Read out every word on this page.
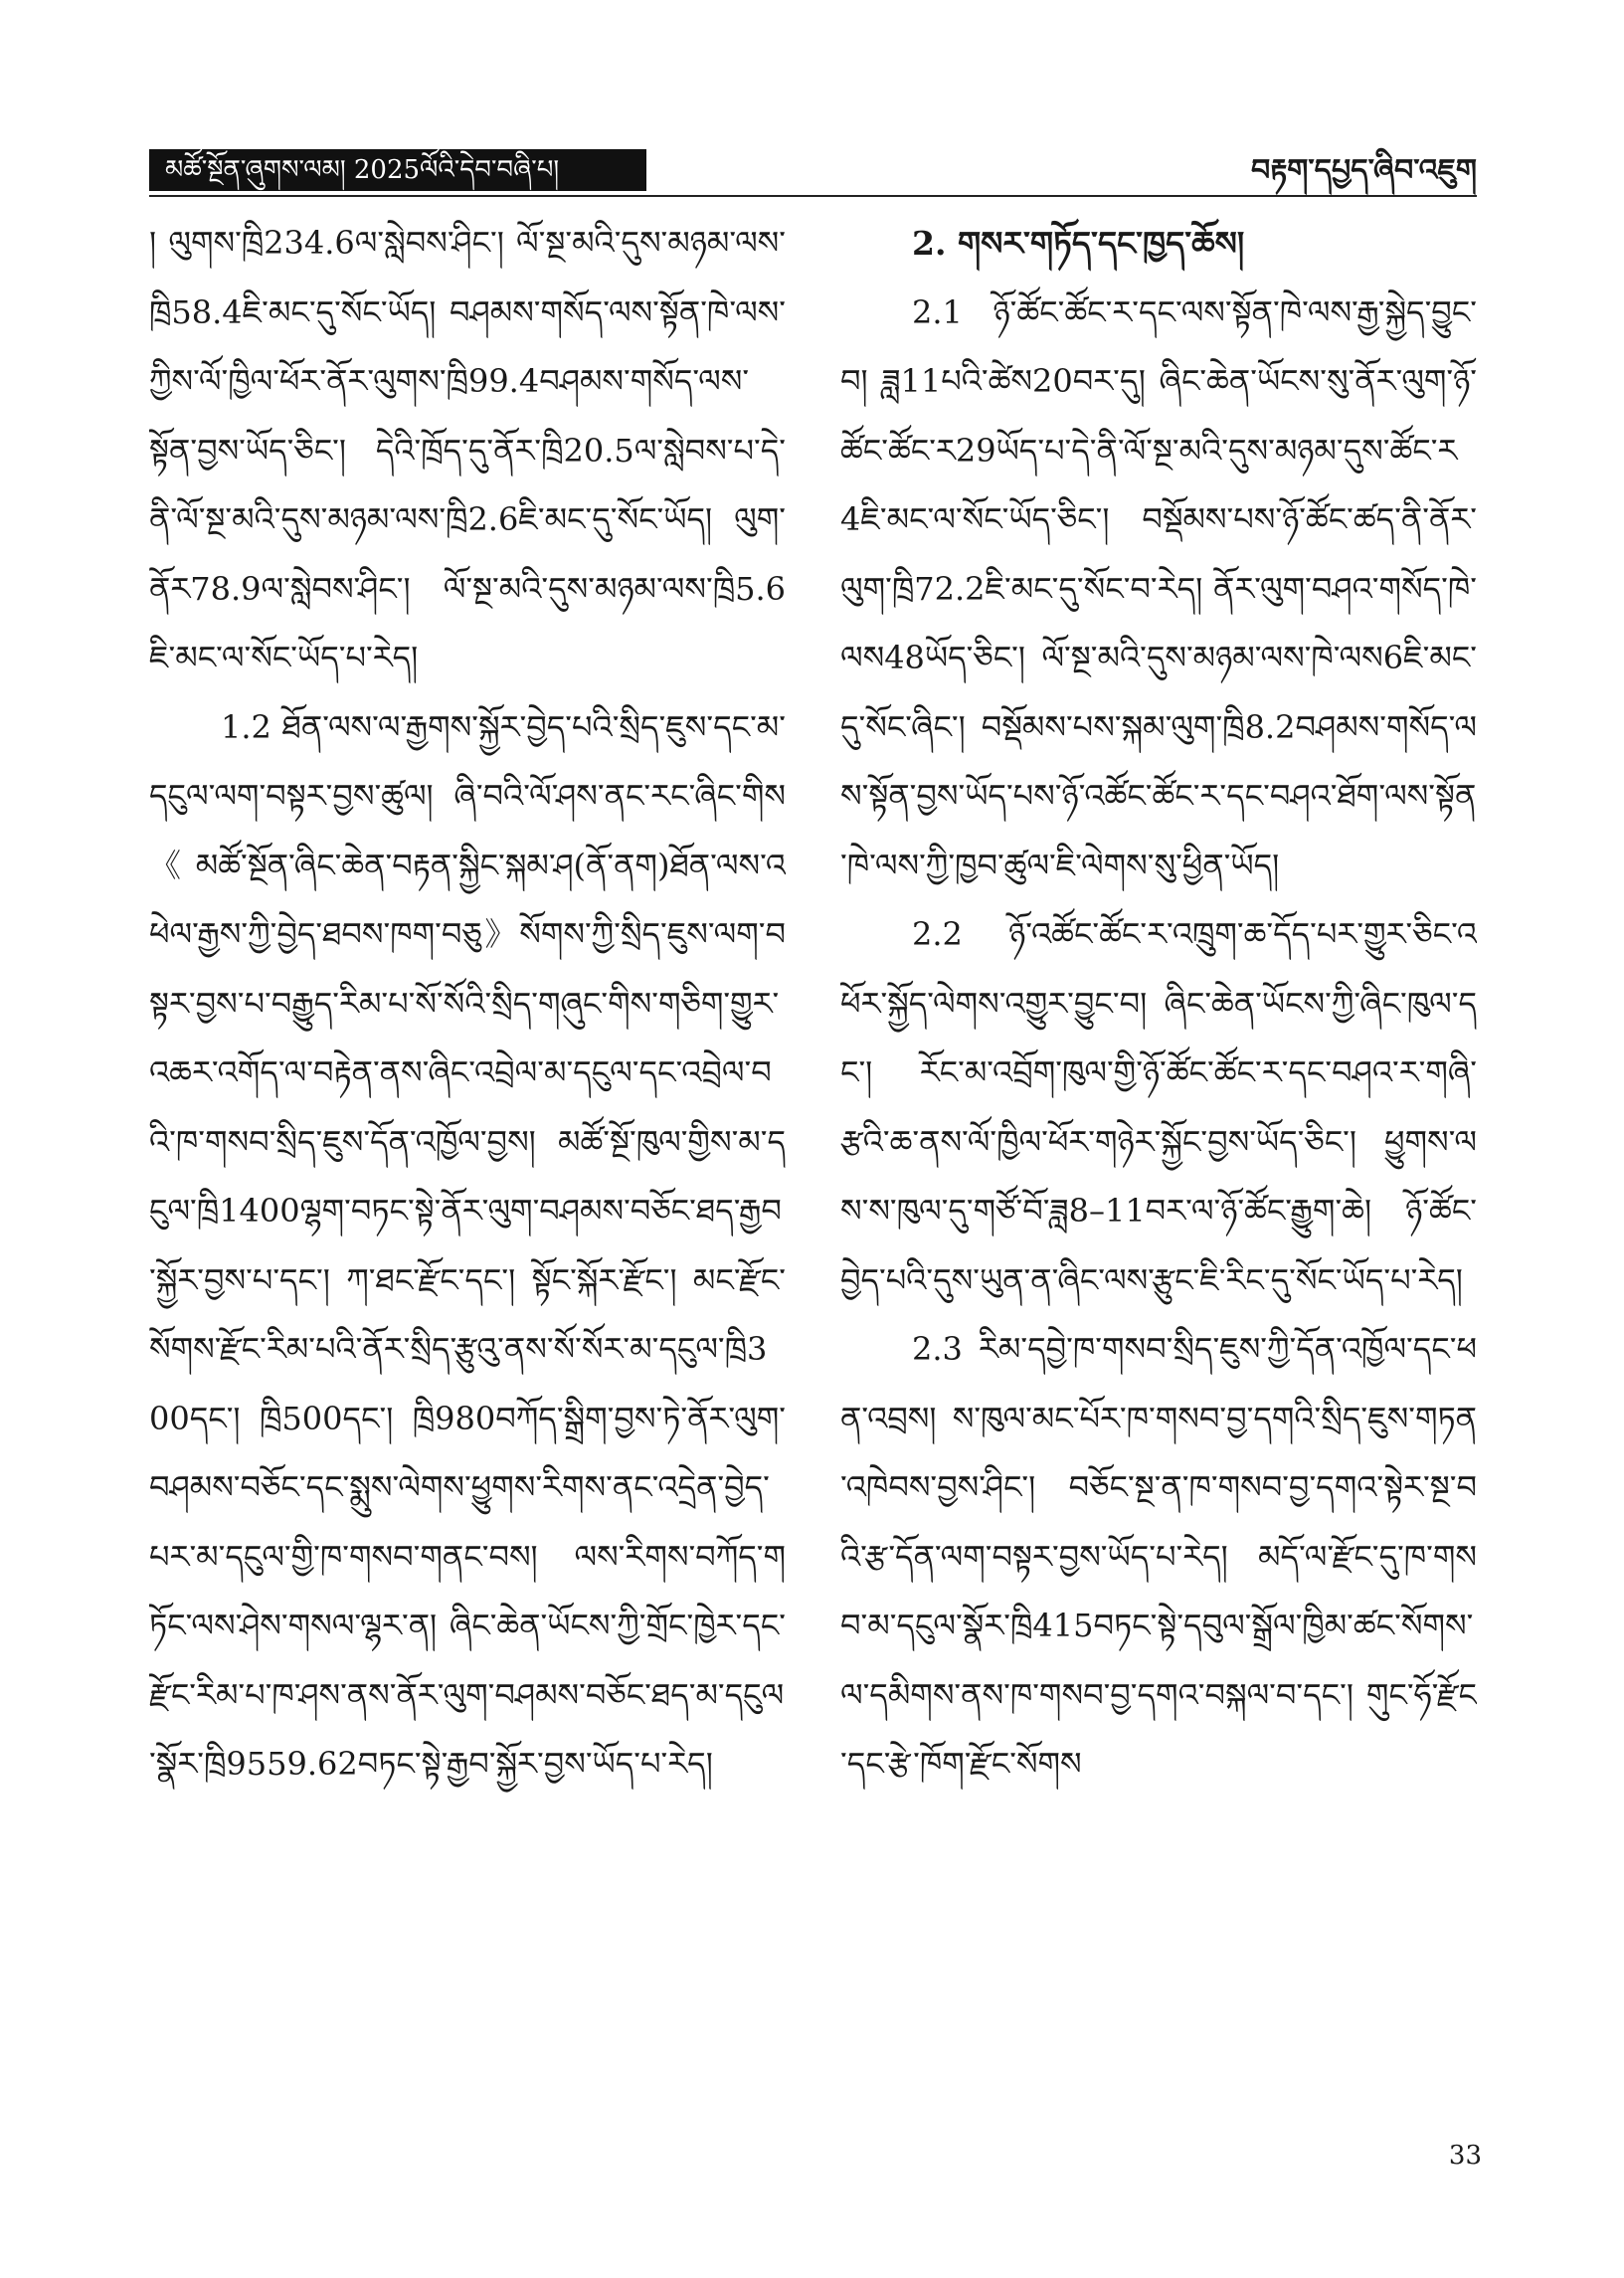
མཚོ་སྔོན་ཞུགས་ལམ། 2025ལོའི་དེབ་བཞི་པ།	བརྟག་དཔྱད་ཞིབ་འཇུག

། ལུགས་ཁྲི234.6ལ་སླེབས་ཤིང་། ལོ་སྔ་མའི་དུས་མཉམ་ལས་ཁྲི58.4ཇི་མང་དུ་སོང་ཡོད། བཤམས་གསོད་ལས་སྟོན་ཁེ་ལས་ཀྱིས་ལོ་ཁྱིལ་ཕོར་ནོར་ལུགས་ཁྲི99.4བཤམས་གསོད་ལས་སྟོན་བྱས་ཡོད་ཅིང་། དེའི་ཁྲོད་དུ་ནོར་ཁྲི20.5ལ་སླེབས་པ་དེ་ནི་ལོ་སྔ་མའི་དུས་མཉམ་ལས་ཁྲི2.6ཇི་མང་དུ་སོང་ཡོད། ལུག་ནོར78.9ལ་སླེབས་ཤིང་། ལོ་སྔ་མའི་དུས་མཉམ་ལས་ཁྲི5.6ཇི་མང་ལ་སོང་ཡོད་པ་རེད།

1.2 ཐོན་ལས་ལ་རྒྱགས་སྐྱོར་བྱེད་པའི་སྲིད་ཇུས་དང་མ་དངུལ་ལག་བསྟར་བྱས་ཚུལ། ཞི་བའི་ལོ་ཤས་ནང་རང་ཞིང་གིས《མཚོ་སྔོན་ཞིང་ཆེན་བརྟན་སྐྱིང་སྐམ་ཤ(ནོ་ནག)ཐོན་ལས་འཕེལ་རྒྱས་ཀྱི་བྱེད་ཐབས་ཁག་བཅུ》སོགས་ཀྱི་སྲིད་ཇུས་ལག་བསྟར་བྱས་པ་བརྒྱུད་རིམ་པ་སོ་སོའི་སྲིད་གཞུང་གིས་གཅིག་གྱུར་འཆར་འགོད་ལ་བརྟེན་ནས་ཞིང་འབྲེལ་མ་དངུལ་དང་འབྲེལ་བའི་ཁ་གསབ་སྲིད་ཇུས་དོན་འཁྱོལ་བྱས། མཚོ་སྔོ་ཁུལ་གྱིས་མ་དངུལ་ཁྲི1400ལྷག་བཏང་སྟེ་ནོར་ལུག་བཤམས་བཅོང་ཐད་རྒྱབ་སྐྱོར་བྱས་པ་དང་། ཀ་ཐང་རྫོང་དང་། སྟོང་སྐོར་རྫོང་། མང་རྫོང་སོགས་རྫོང་རིམ་པའི་ནོར་སྲིད་རྩུའུ་ནས་སོ་སོར་མ་དངུལ་ཁྲི300དང་། ཁྲི500དང་། ཁྲི980བཀོད་སྒྲིག་བྱས་ཏེ་ནོར་ལུག་བཤམས་བཅོང་དང་སྨུས་ལེགས་ཕྱུགས་རིགས་ནང་འདྲེན་བྱེད་པར་མ་དངུལ་གྱི་ཁ་གསབ་གནང་བས། ལས་རིགས་བཀོད་གཏོང་ལས་ཤེས་གསལ་ལྷར་ན། ཞིང་ཆེན་ཡོངས་ཀྱི་གྲོང་ཁྱེར་དང་རྫོང་རིམ་པ་ཁ་ཤས་ནས་ནོར་ལུག་བཤམས་བཅོང་ཐད་མ་དངུལ་སྣོར་ཁྲི9559.62བཏང་སྟེ་རྒྱབ་སྐྱོར་བྱས་ཡོད་པ་རེད།

2. གསར་གཏོད་དང་ཁྱད་ཆོས།

2.1 ཉོ་ཚོང་ཚོང་ར་དང་ལས་སྟོན་ཁེ་ལས་རྒྱ་སྐྱེད་བྱུང་བ། ཟླ11པའི་ཚེས20བར་དུ། ཞིང་ཆེན་ཡོངས་སུ་ནོར་ལུག་ཉོ་ཚོང་ཚོང་ར29ཡོད་པ་དེ་ནི་ལོ་སྔ་མའི་དུས་མཉམ་དུས་ཚོང་ར4ཇི་མང་ལ་སོང་ཡོད་ཅིང་། བསྡོམས་པས་ཉོ་ཚོང་ཚད་ནི་ནོར་ལུག་ཁྲི72.2ཇི་མང་དུ་སོང་བ་རེད། ནོར་ལུག་བཤའ་གསོད་ཁེ་ལས48ཡོད་ཅིང་། ལོ་སྔ་མའི་དུས་མཉམ་ལས་ཁེ་ལས6ཇི་མང་དུ་སོང་ཞིང་། བསྡོམས་པས་སྐམ་ལུག་ཁྲི8.2བཤམས་གསོད་ལས་སྟོན་བྱས་ཡོད་པས་ཉོ་འཚོང་ཚོང་ར་དང་བཤའ་ཐོག་ལས་སྟོན་ཁེ་ལས་ཀྱི་ཁྱབ་ཚུལ་ཇི་ལེགས་སུ་ཕྱིན་ཡོད།

2.2 ཉོ་འཚོང་ཚོང་ར་འཁྲུག་ཆ་དོད་པར་གྱུར་ཅིང་འཕོར་སྐྱོད་ལེགས་འགྱུར་བྱུང་བ། ཞིང་ཆེན་ཡོངས་ཀྱི་ཞིང་ཁུལ་དང་། རོང་མ་འབྲོག་ཁུལ་གྱི་ཉོ་ཚོང་ཚོང་ར་དང་བཤའ་ར་གཞི་རྩའི་ཆ་ནས་ལོ་ཁྱིལ་ཕོར་གཉེར་སྐྱོང་བྱས་ཡོད་ཅིང་། ཕྱུགས་ལས་ས་ཁུལ་དུ་གཙོ་བོ་ཟླ8–11བར་ལ་ཉོ་ཚོང་རྒྱུག་ཆེ། ཉོ་ཚོང་བྱེད་པའི་དུས་ཡུན་ན་ཞིང་ལས་རྩུང་ཇི་རིང་དུ་སོང་ཡོད་པ་རེད།

2.3 རིམ་དབྱེ་ཁ་གསབ་སྲིད་ཇུས་ཀྱི་དོན་འཁྱོལ་དང་ཕན་འབྲས། ས་ཁུལ་མང་པོར་ཁ་གསབ་བྱ་དགའི་སྲིད་ཇུས་གཏན་འཁེབས་བྱས་ཤིང་། བཅོང་སྔ་ན་ཁ་གསབ་བྱ་དགའ་སྟེར་སྔ་བའི་རྩ་དོན་ལག་བསྟར་བྱས་ཡོད་པ་རེད། མདོ་ལ་རྫོང་དུ་ཁ་གསབ་མ་དངུལ་སྣོར་ཁྲི415བཏང་སྟེ་དབུལ་སྒྲོལ་ཁྱིམ་ཚང་སོགས་ལ་དམིགས་ནས་ཁ་གསབ་བྱ་དགའ་བསྐལ་བ་དང་། གུང་ཧོ་རྫོང་དང་རྩེ་ཁོག་རྫོང་སོགས

33
